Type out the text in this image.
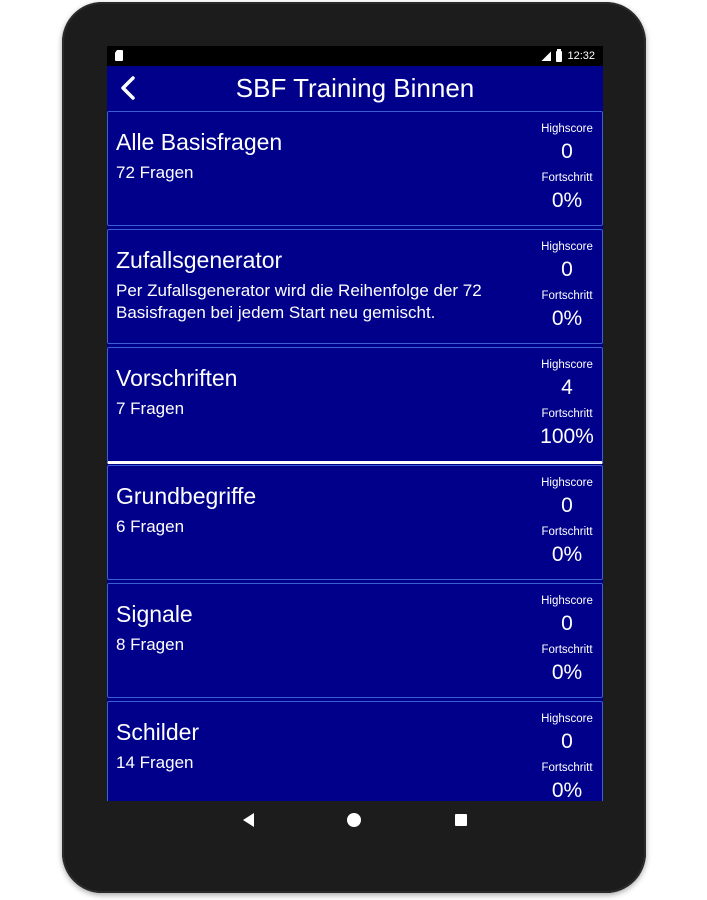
12:32
SBF Training Binnen
Alle Basisfragen
72 Fragen
Highscore
0
Fortschritt
0%
Zufallsgenerator
Per Zufallsgenerator wird die Reihenfolge der 72 Basisfragen bei jedem Start neu gemischt.
Highscore
0
Fortschritt
0%
Vorschriften
7 Fragen
Highscore
4
Fortschritt
100%
Grundbegriffe
6 Fragen
Highscore
0
Fortschritt
0%
Signale
8 Fragen
Highscore
0
Fortschritt
0%
Schilder
14 Fragen
Highscore
0
Fortschritt
0%
